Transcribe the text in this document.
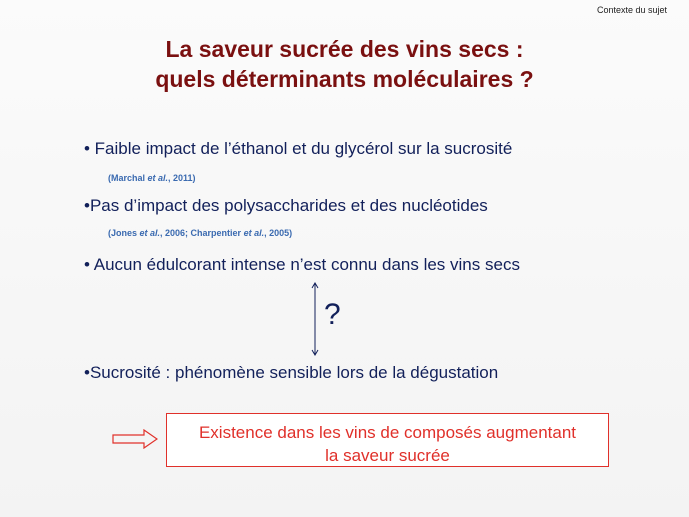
Contexte du sujet
La saveur sucrée des vins secs :
quels déterminants moléculaires ?
• Faible impact de l’éthanol et du glycérol sur la sucrosité
(Marchal et al., 2011)
•Pas d’impact des polysaccharides et des nucléotides
(Jones et al., 2006; Charpentier et al., 2005)
• Aucun édulcorant intense n’est connu dans les vins secs
?
•Sucrosité : phénomène sensible lors de la dégustation
Existence dans les vins de composés augmentant
la saveur sucrée
